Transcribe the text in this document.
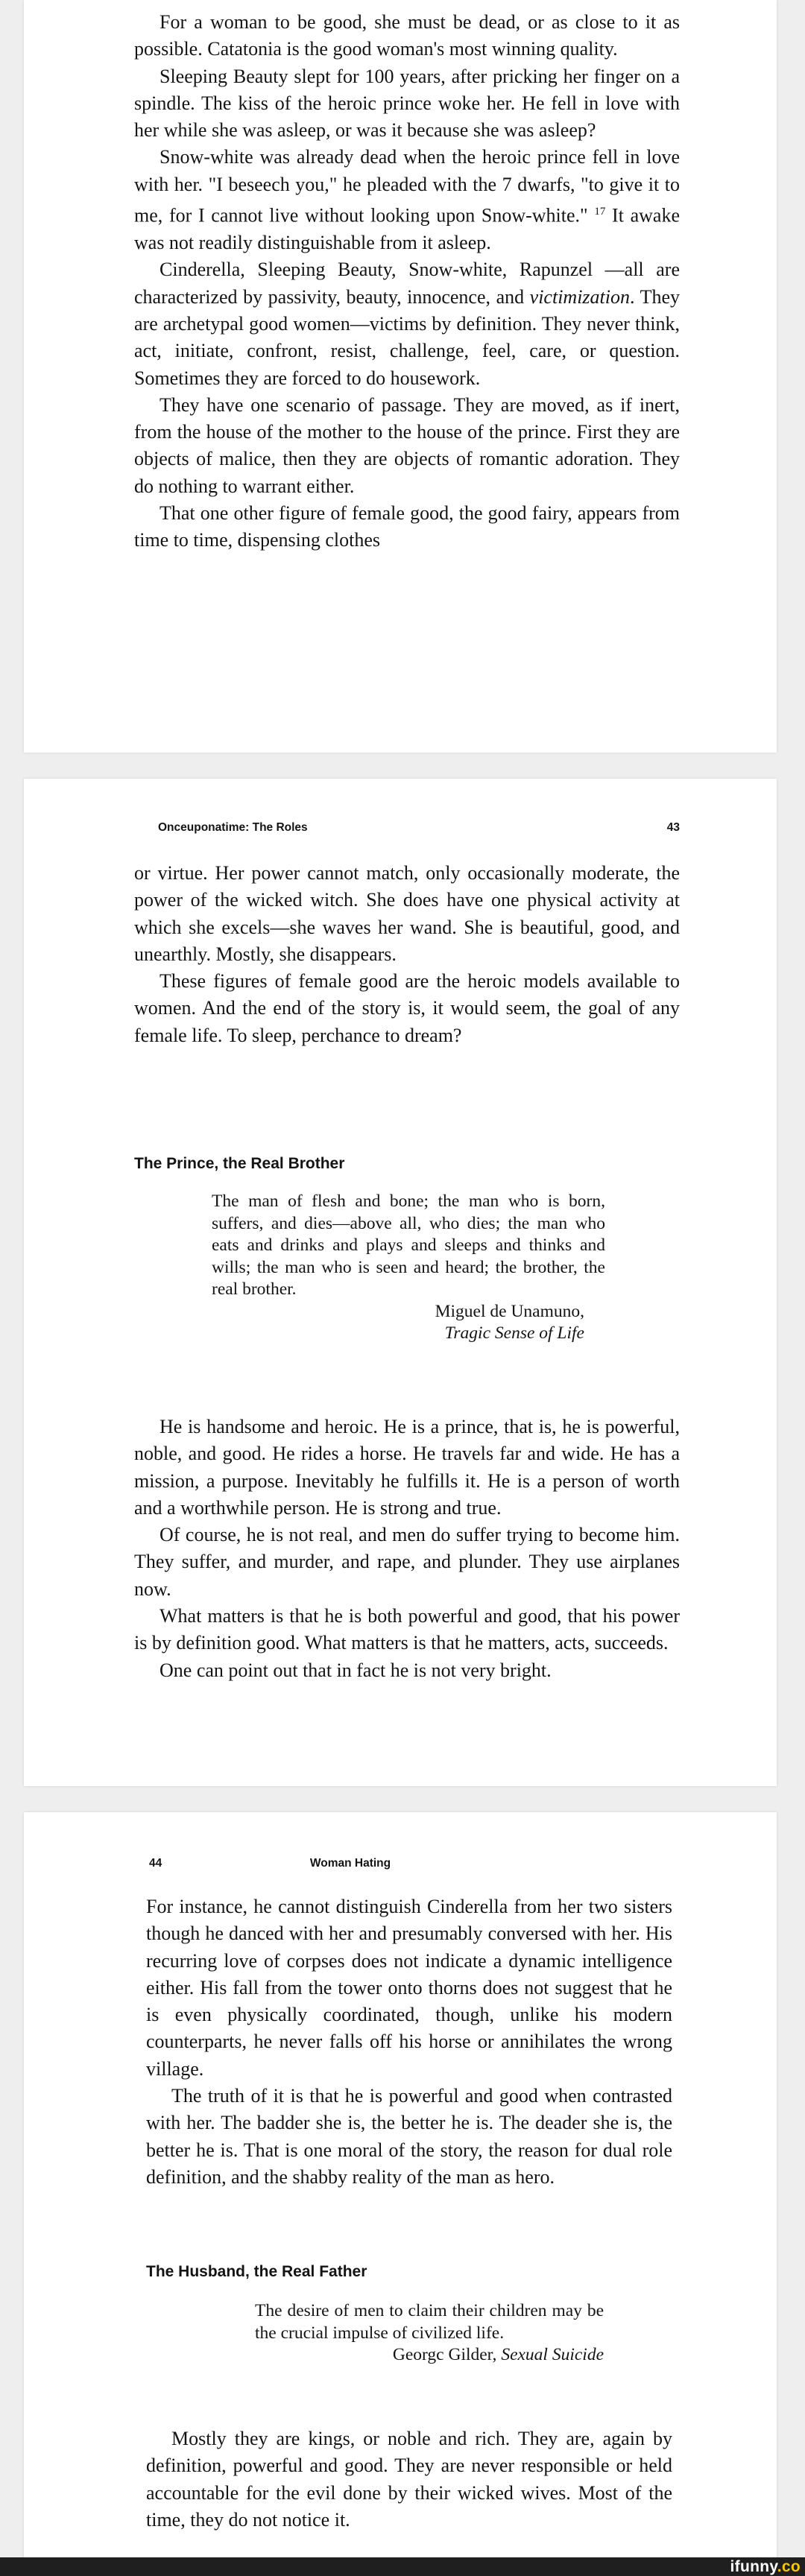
For a woman to be good, she must be dead, or as close to it as possible. Catatonia is the good woman's most winning quality.

Sleeping Beauty slept for 100 years, after pricking her finger on a spindle. The kiss of the heroic prince woke her. He fell in love with her while she was asleep, or was it because she was asleep?

Snow-white was already dead when the heroic prince fell in love with her. "I beseech you," he pleaded with the 7 dwarfs, "to give it to me, for I cannot live without looking upon Snow-white." $^{17}$ It awake was not readily distinguishable from it asleep.

Cinderella, Sleeping Beauty, Snow-white, Rapunzel —all are characterized by passivity, beauty, innocence, and victimization. They are archetypal good women—victims by definition. They never think, act, initiate, confront, resist, challenge, feel, care, or question. Sometimes they are forced to do housework.

They have one scenario of passage. They are moved, as if inert, from the house of the mother to the house of the prince. First they are objects of malice, then they are objects of romantic adoration. They do nothing to warrant either.

That one other figure of female good, the good fairy, appears from time to time, dispensing clothes

Onceuponatime: The Roles	43

or virtue. Her power cannot match, only occasionally moderate, the power of the wicked witch. She does have one physical activity at which she excels—she waves her wand. She is beautiful, good, and unearthly. Mostly, she disappears.

These figures of female good are the heroic models available to women. And the end of the story is, it would seem, the goal of any female life. To sleep, perchance to dream?

The Prince, the Real Brother
The man of flesh and bone; the man who is born, suffers, and dies—above all, who dies; the man who eats and drinks and plays and sleeps and thinks and wills; the man who is seen and heard; the brother, the real brother.
Miguel de Unamuno,
Tragic Sense of Life

He is handsome and heroic. He is a prince, that is, he is powerful, noble, and good. He rides a horse. He travels far and wide. He has a mission, a purpose. Inevitably he fulfills it. He is a person of worth and a worthwhile person. He is strong and true.

Of course, he is not real, and men do suffer trying to become him. They suffer, and murder, and rape, and plunder. They use airplanes now.

What matters is that he is both powerful and good, that his power is by definition good. What matters is that he matters, acts, succeeds.

One can point out that in fact he is not very bright.

44	Woman Hating

For instance, he cannot distinguish Cinderella from her two sisters though he danced with her and presumably conversed with her. His recurring love of corpses does not indicate a dynamic intelligence either. His fall from the tower onto thorns does not suggest that he is even physically coordinated, though, unlike his modern counterparts, he never falls off his horse or annihilates the wrong village.

The truth of it is that he is powerful and good when contrasted with her. The badder she is, the better he is. The deader she is, the better he is. That is one moral of the story, the reason for dual role definition, and the shabby reality of the man as hero.

The Husband, the Real Father
The desire of men to claim their children may be the crucial impulse of civilized life.
Georgc Gilder, Sexual Suicide

Mostly they are kings, or noble and rich. They are, again by definition, powerful and good. They are never responsible or held accountable for the evil done by their wicked wives. Most of the time, they do not notice it.

ifunny.co
